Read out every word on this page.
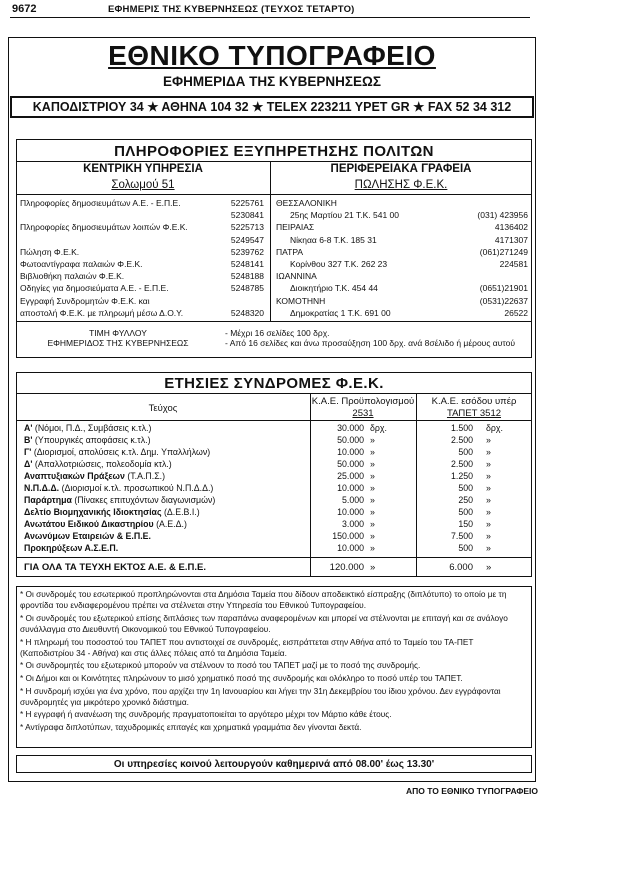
9672	ΕΦΗΜΕΡΙΣ ΤΗΣ ΚΥΒΕΡΝΗΣΕΩΣ (ΤΕΥΧΟΣ ΤΕΤΑΡΤΟ)
ΕΘΝΙΚΟ ΤΥΠΟΓΡΑΦΕΙΟ
ΕΦΗΜΕΡΙΔΑ ΤΗΣ ΚΥΒΕΡΝΗΣΕΩΣ
ΚΑΠΟΔΙΣΤΡΙΟΥ 34 ★ ΑΘΗΝΑ 104 32 ★ TELEX 223211 YPET GR ★ FAX 52 34 312
ΠΛΗΡΟΦΟΡΙΕΣ ΕΞΥΠΗΡΕΤΗΣΗΣ ΠΟΛΙΤΩΝ
ΚΕΝΤΡΙΚΗ ΥΠΗΡΕΣΙΑ
Σολωμού 51
ΠΕΡΙΦΕΡΕΙΑΚΑ ΓΡΑΦΕΙΑ
ΠΩΛΗΣΗΣ Φ.Ε.Κ.
Πληροφορίες δημοσιευμάτων Α.Ε. - Ε.Π.Ε.	5225761
5230841
Πληροφορίες δημοσιευμάτων λοιπών Φ.Ε.Κ.	5225713
5249547
Πώληση Φ.Ε.Κ.	5239762
Φωτοαντίγραφα παλαιών Φ.Ε.Κ.	5248141
Βιβλιοθήκη παλαιών Φ.Ε.Κ.	5248188
Οδηγίες για δημοσιεύματα Α.Ε. - Ε.Π.Ε.	5248785
Εγγραφή Συνδρομητών Φ.Ε.Κ. και
αποστολή Φ.Ε.Κ. με πληρωμή μέσω Δ.Ο.Υ.	5248320
ΘΕΣΣΑΛΟΝΙΚΗ
25ης Μαρτίου 21 Τ.Κ. 541 00	(031) 423956
ΠΕΙΡΑΙΑΣ	4136402
Νίκηαα 6-8 Τ.Κ. 185 31	4171307
ΠΑΤΡΑ	(061)271249
Κορίνθου 327 Τ.Κ. 262 23	224581
ΙΩΑΝΝΙΝΑ
Διοικητήριο Τ.Κ. 454 44	(0651)21901
ΚΟΜΟΤΗΝΗ	(0531)22637
Δημοκρατίας 1 Τ.Κ. 691 00	26522
ΤΙΜΗ ΦΥΛΛΟΥ
ΕΦΗΜΕΡΙΔΟΣ ΤΗΣ ΚΥΒΕΡΝΗΣΕΩΣ
- Μέχρι 16 σελίδες 100 δρχ.
- Από 16 σελίδες και άνω προσαύξηση 100 δρχ. ανά 8σέλιδο ή μέρους αυτού
ΕΤΗΣΙΕΣ ΣΥΝΔΡΟΜΕΣ Φ.Ε.Κ.
Τεύχος
Κ.Α.Ε. Προϋπολογισμού
2531
Κ.Α.Ε. εσόδου υπέρ
ΤΑΠΕΤ 3512
Α' (Νόμοι, Π.Δ., Συμβάσεις κ.τλ.)	30.000 δρχ.	1.500 δρχ.
Β' (Υπουργικές αποφάσεις κ.τλ.)	50.000 »	2.500 »
Γ' (Διορισμοί, απολύσεις κ.τλ. Δημ. Υπαλλήλων)	10.000 »	500 »
Δ' (Απαλλοτριώσεις, πολεοδομία κτλ.)	50.000 »	2.500 »
Αναπτυξιακών Πράξεων (Τ.Α.Π.Σ.)	25.000 »	1.250 »
Ν.Π.Δ.Δ. (Διορισμοί κ.τλ. προσωπικού Ν.Π.Δ.Δ.)	10.000 »	500 »
Παράρτημα (Πίνακες επιτυχόντων διαγωνισμών)	5.000 »	250 »
Δελτίο Βιομηχανικής Ιδιοκτησίας (Δ.Ε.Β.Ι.)	10.000 »	500 »
Ανωτάτου Ειδικού Δικαστηρίου (Α.Ε.Δ.)	3.000 »	150 »
Ανωνύμων Εταιρειών & Ε.Π.Ε.	150.000 »	7.500 »
Προκηρύξεων Α.Σ.Ε.Π.	10.000 »	500 »
ΓΙΑ ΟΛΑ ΤΑ ΤΕΥΧΗ ΕΚΤΟΣ Α.Ε. & Ε.Π.Ε.	120.000 »	6.000 »
* Οι συνδρομές του εσωτερικού προπληρώνονται στα Δημόσια Ταμεία που δίδουν αποδεικτικό είσπραξης (διπλότυπο) το οποίο με τη φροντίδα του ενδιαφερομένου πρέπει να στέλνεται στην Υπηρεσία του Εθνικού Τυπογραφείου.
* Οι συνδρομές του εξωτερικού επίσης διπλάσιες των παραπάνω αναφερομένων και μπορεί να στέλνονται με επιταγή και σε ανάλογο συνάλλαγμα στο Διευθυντή Οικονομικού του Εθνικού Τυπογραφείου.
* Η πληρωμή του ποσοστού του ΤΑΠΕΤ που αντιστοιχεί σε συνδρομές, εισπράττεται στην Αθήνα από το Ταμείο του ΤΑ-ΠΕΤ (Καποδιστρίου 34 - Αθήνα) και στις άλλες πόλεις από τα Δημόσια Ταμεία.
* Οι συνδρομητές του εξωτερικού μπορούν να στέλνουν το ποσό του ΤΑΠΕΤ μαζί με το ποσό της συνδρομής.
* Οι Δήμοι και οι Κοινότητες πληρώνουν το μισό χρηματικό ποσό της συνδρομής και ολόκληρο το ποσό υπέρ του ΤΑΠΕΤ.
* Η συνδρομή ισχύει για ένα χρόνο, που αρχίζει την 1η Ιανουαρίου και λήγει την 31η Δεκεμβρίου του ίδιου χρόνου. Δεν εγγράφονται συνδρομητές για μικρότερο χρονικό διάστημα.
* Η εγγραφή ή ανανέωση της συνδρομής πραγματοποιείται το αργότερο μέχρι τον Μάρτιο κάθε έτους.
* Αντίγραφα διπλοτύπων, ταχυδρομικές επιταγές και χρηματικά γραμμάτια δεν γίνονται δεκτά.
Οι υπηρεσίες κοινού λειτουργούν καθημερινά από 08.00' έως 13.30'
ΑΠΟ ΤΟ ΕΘΝΙΚΟ ΤΥΠΟΓΡΑΦΕΙΟ
